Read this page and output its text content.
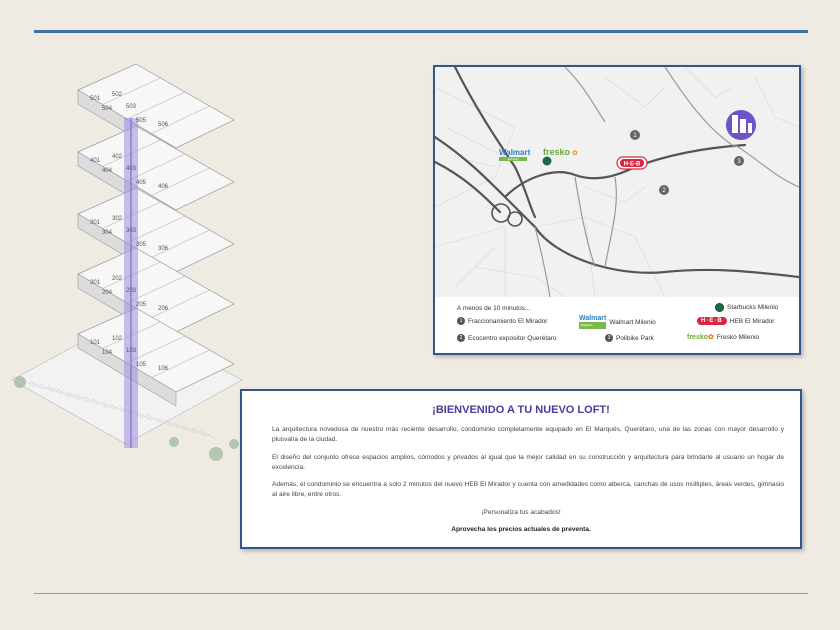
501
502
503
504
505
506
401
402
403
404
405
406
301
302
303
304
305
306
201
202
203
204
205
206
101
102
103
104
105
106
1
2
3
Walmart
Express
fresko ✿
H·E·B
A menos de 10 minutos...
1 Fraccionamiento El Mirador
2 Ecocentro expositor Querétaro	3 Polibike Park
Walmart
Express	Walmart Milenio	H·E·B	HEB El Mirador
Starbucks Milenio
fresko✿ Fresko Milenio
¡BIENVENIDO A TU NUEVO LOFT!

La arquitectura novedosa de nuestro más reciente desarrollo, condominio completamente equipado en El Marqués, Querétaro, una de las zonas con mayor desarrollo y plusvalía de la ciudad.

El diseño del conjunto ofrece espacios amplios, cómodos y privados al igual que la mejor calidad en su construcción y arquitectura para brindarle al usuario un hogar de excelencia.

Además, el condominio se encuentra a solo 2 minutos del nuevo HEB El Mirador y cuenta con amedidades como alberca, canchas de usos múltiples, áreas verdes, gimnasio al aire libre, entre otros.

¡Personaliza tus acabados!
Aprovecha los precios actuales de preventa.
